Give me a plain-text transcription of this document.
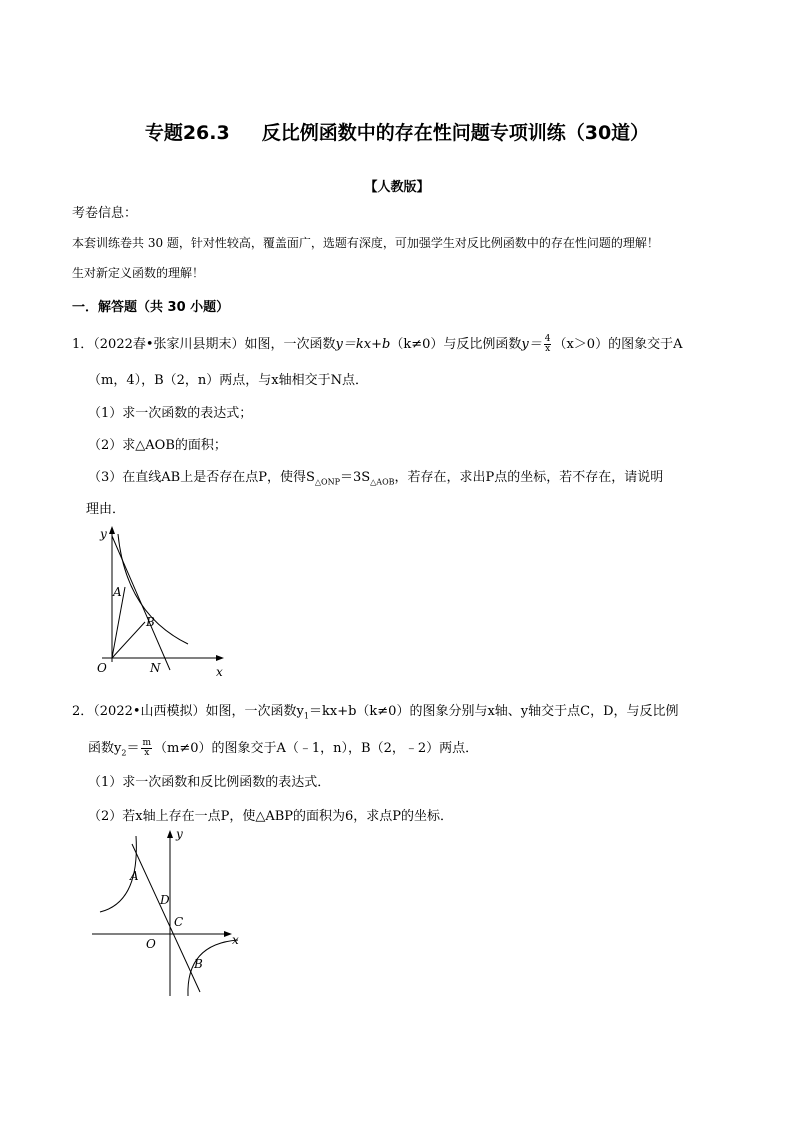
专题26.3 反比例函数中的存在性问题专项训练（30道）
【人教版】
考卷信息：
本套训练卷共 30 题，针对性较高，覆盖面广，选题有深度，可加强学生对反比例函数中的存在性问题的理解！
生对新定义函数的理解！
一．解答题（共 30 小题）
1．（2022春•张家川县期末）如图，一次函数y＝kx+b（k≠0）与反比例函数$y= \frac{4}{x} (x>0)$的图象交于A
（m，4），B（2，n）两点，与x轴相交于N点．
（1）求一次函数的表达式；
（2）求△AOB的面积；
（3）在直线AB上是否存在点P，使得$S_{\triangle ONP}=3S_{\triangle AOB}$，若存在，求出P点的坐标，若不存在，请说明
理由．
y
x
O
A
B
N
2．（2022•山西模拟）如图，一次函数$y_1=kx+b(k\ne 0)$的图象分别与x轴、y轴交于点C，D，与反比例
函数$y_2= \frac{m}{x} (m\ne 0)$的图象交于A（﹣1，n），B（2，﹣2）两点．
（1）求一次函数和反比例函数的表达式．
（2）若x轴上存在一点P，使△ABP的面积为6，求点P的坐标．
y
x
O
A
D
C
B
